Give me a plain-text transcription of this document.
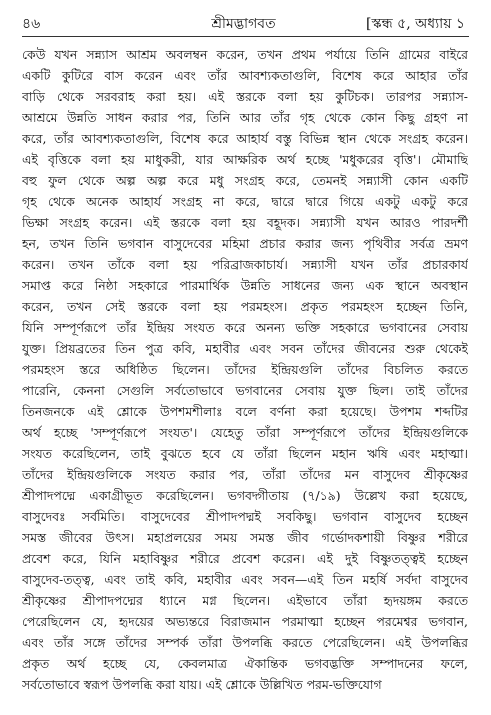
৪৬	শ্রীমদ্ভাগবত	[স্কন্ধ ৫, অধ্যায় ১
কেউ যখন সন্ন্যাস আশ্রম অবলম্বন করেন, তখন প্রথম পর্যায়ে তিনি গ্রামের বাইরে
একটি কুটিরে বাস করেন এবং তাঁর আবশ্যকতাগুলি, বিশেষ করে আহার তাঁর
বাড়ি থেকে সরবরাহ করা হয়। এই স্তরকে বলা হয় কুটিচক। তারপর সন্ন্যাস-
আশ্রমে উন্নতি সাধন করার পর, তিনি আর তাঁর গৃহ থেকে কোন কিছু গ্রহণ না
করে, তাঁর আবশ্যকতাগুলি, বিশেষ করে আহার্য বস্তু বিভিন্ন স্থান থেকে সংগ্রহ করেন।
এই বৃত্তিকে বলা হয় মাধুকরী, যার আক্ষরিক অর্থ হচ্ছে 'মধুকরের বৃত্তি'। মৌমাছি
বহু ফুল থেকে অল্প অল্প করে মধু সংগ্রহ করে, তেমনই সন্ন্যাসী কোন একটি
গৃহ থেকে অনেক আহার্য সংগ্রহ না করে, দ্বারে দ্বারে গিয়ে একটু একটু করে
ভিক্ষা সংগ্রহ করেন। এই স্তরকে বলা হয় বহূদক। সন্ন্যাসী যখন আরও পারদর্শী
হন, তখন তিনি ভগবান বাসুদেবের মহিমা প্রচার করার জন্য পৃথিবীর সর্বত্র ভ্রমণ
করেন। তখন তাঁকে বলা হয় পরিব্রাজকাচার্য। সন্ন্যাসী যখন তাঁর প্রচারকার্য
সমাপ্ত করে নিষ্ঠা সহকারে পারমার্থিক উন্নতি সাধনের জন্য এক স্থানে অবস্থান
করেন, তখন সেই স্তরকে বলা হয় পরমহংস। প্রকৃত পরমহংস হচ্ছেন তিনি,
যিনি সম্পূর্ণরূপে তাঁর ইন্দ্রিয় সংযত করে অনন্য ভক্তি সহকারে ভগবানের সেবায়
যুক্ত। প্রিয়ব্রতের তিন পুত্র কবি, মহাবীর এবং সবন তাঁদের জীবনের শুরু থেকেই
পরমহংস স্তরে অধিষ্ঠিত ছিলেন। তাঁদের ইন্দ্রিয়গুলি তাঁদের বিচলিত করতে
পারেনি, কেননা সেগুলি সর্বতোভাবে ভগবানের সেবায় যুক্ত ছিল। তাই তাঁদের
তিনজনকে এই শ্লোকে উপশমশীলাঃ বলে বর্ণনা করা হয়েছে। উপশম শব্দটির
অর্থ হচ্ছে 'সম্পূর্ণরূপে সংযত'। যেহেতু তাঁরা সম্পূর্ণরূপে তাঁদের ইন্দ্রিয়গুলিকে
সংযত করেছিলেন, তাই বুঝতে হবে যে তাঁরা ছিলেন মহান ঋষি এবং মহাত্মা।
তাঁদের ইন্দ্রিয়গুলিকে সংযত করার পর, তাঁরা তাঁদের মন বাসুদেব শ্রীকৃষ্ণের
শ্রীপাদপদ্মে একাগ্রীভূত করেছিলেন। ভগবদ্গীতায় (৭/১৯) উল্লেখ করা হয়েছে,
বাসুদেবঃ সর্বমিতি। বাসুদেবের শ্রীপাদপদ্মই সবকিছু। ভগবান বাসুদেব হচ্ছেন
সমস্ত জীবের উৎস। মহাপ্রলয়ের সময় সমস্ত জীব গর্ভোদকশায়ী বিষ্ণুর শরীরে
প্রবেশ করে, যিনি মহাবিষ্ণুর শরীরে প্রবেশ করেন। এই দুই বিষ্ণুতত্ত্বই হচ্ছেন
বাসুদেব-তত্ত্ব, এবং তাই কবি, মহাবীর এবং সবন—এই তিন মহর্ষি সর্বদা বাসুদেব
শ্রীকৃষ্ণের শ্রীপাদপদ্মের ধ্যানে মগ্ন ছিলেন। এইভাবে তাঁরা হৃদয়ঙ্গম করতে
পেরেছিলেন যে, হৃদয়ের অভ্যন্তরে বিরাজমান পরমাত্মা হচ্ছেন পরমেশ্বর ভগবান,
এবং তাঁর সঙ্গে তাঁদের সম্পর্ক তাঁরা উপলব্ধি করতে পেরেছিলেন। এই উপলব্ধির
প্রকৃত অর্থ হচ্ছে যে, কেবলমাত্র ঐকান্তিক ভগবদ্ভক্তি সম্পাদনের ফলে,
সর্বতোভাবে স্বরূপ উপলব্ধি করা যায়। এই শ্লোকে উল্লিখিত পরম-ভক্তিযোগ
